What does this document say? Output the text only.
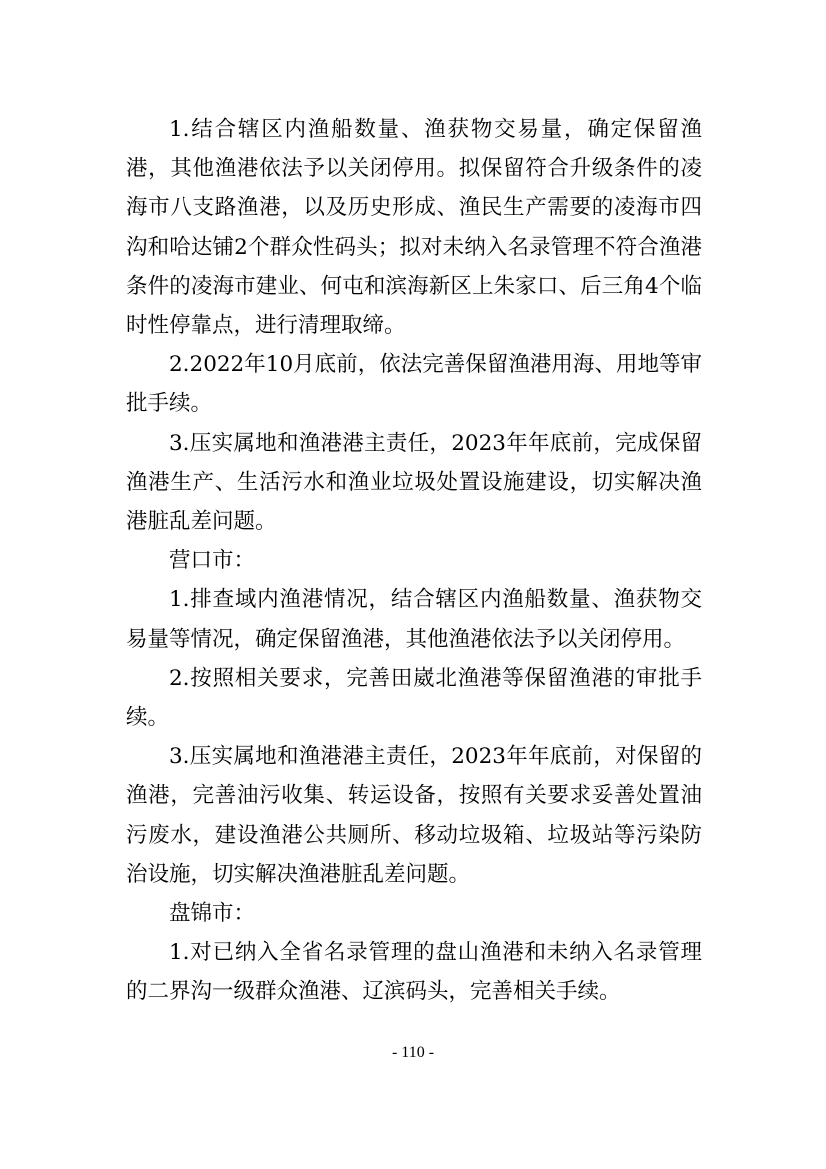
1.结合辖区内渔船数量、渔获物交易量，确定保留渔港，其他渔港依法予以关闭停用。拟保留符合升级条件的凌海市八支路渔港，以及历史形成、渔民生产需要的凌海市四沟和哈达铺2个群众性码头；拟对未纳入名录管理不符合渔港条件的凌海市建业、何屯和滨海新区上朱家口、后三角4个临时性停靠点，进行清理取缔。

2.2022年10月底前，依法完善保留渔港用海、用地等审批手续。

3.压实属地和渔港港主责任，2023年年底前，完成保留渔港生产、生活污水和渔业垃圾处置设施建设，切实解决渔港脏乱差问题。

营口市：

1.排查域内渔港情况，结合辖区内渔船数量、渔获物交易量等情况，确定保留渔港，其他渔港依法予以关闭停用。

2.按照相关要求，完善田崴北渔港等保留渔港的审批手续。

3.压实属地和渔港港主责任，2023年年底前，对保留的渔港，完善油污收集、转运设备，按照有关要求妥善处置油污废水，建设渔港公共厕所、移动垃圾箱、垃圾站等污染防治设施，切实解决渔港脏乱差问题。

盘锦市：

1.对已纳入全省名录管理的盘山渔港和未纳入名录管理的二界沟一级群众渔港、辽滨码头，完善相关手续。

- 110 -
